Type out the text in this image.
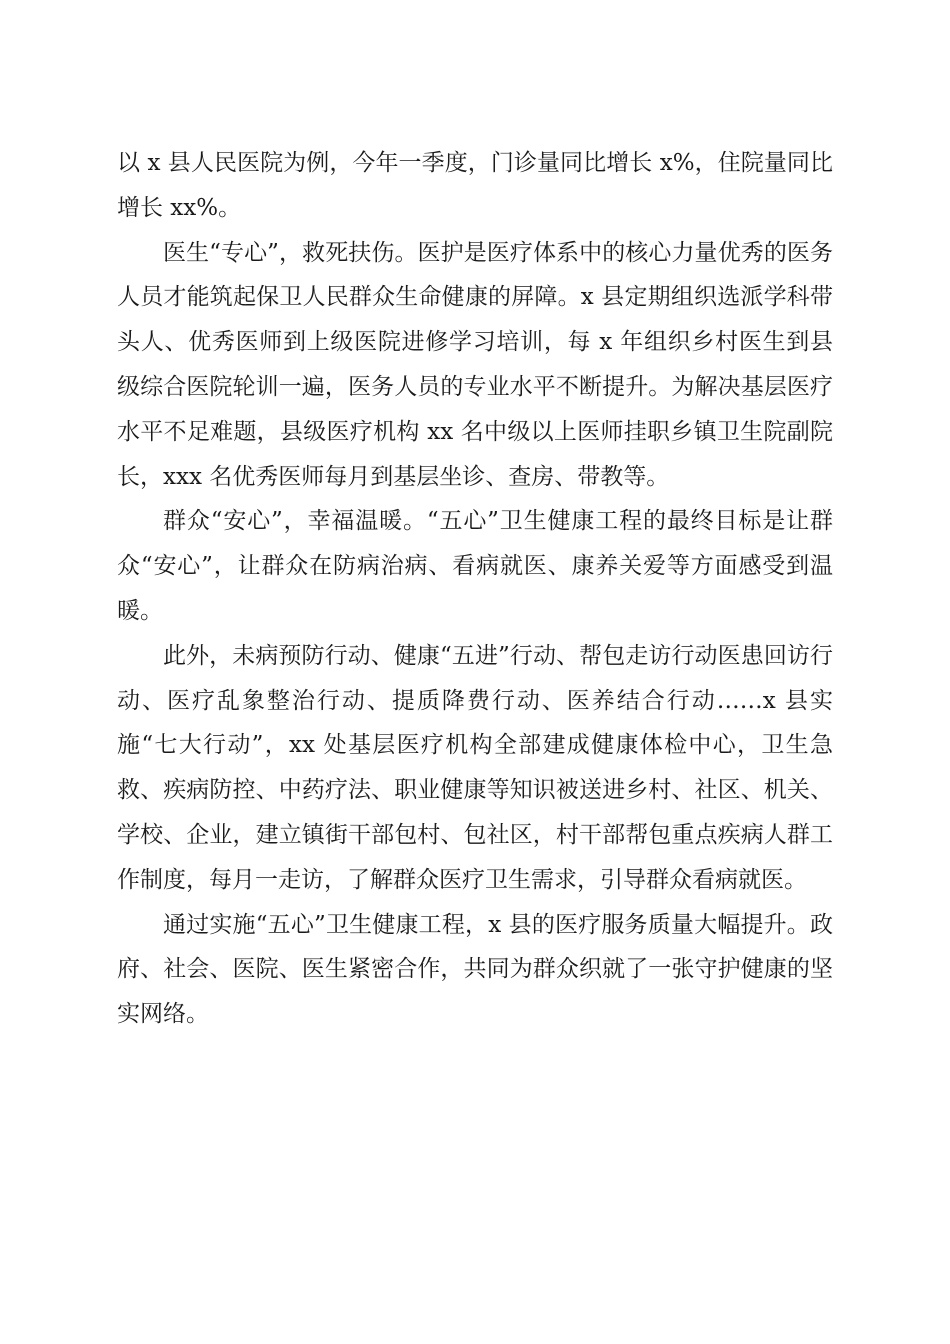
以 x 县人民医院为例，今年一季度，门诊量同比增长 x%，住院量同比增长 xx%。

医生“专心”，救死扶伤。医护是医疗体系中的核心力量优秀的医务人员才能筑起保卫人民群众生命健康的屏障。x 县定期组织选派学科带头人、优秀医师到上级医院进修学习培训，每 x 年组织乡村医生到县级综合医院轮训一遍，医务人员的专业水平不断提升。为解决基层医疗水平不足难题，县级医疗机构 xx 名中级以上医师挂职乡镇卫生院副院长，xxx 名优秀医师每月到基层坐诊、查房、带教等。

群众“安心”，幸福温暖。“五心”卫生健康工程的最终目标是让群众“安心”，让群众在防病治病、看病就医、康养关爱等方面感受到温暖。

此外，未病预防行动、健康“五进”行动、帮包走访行动医患回访行动、医疗乱象整治行动、提质降费行动、医养结合行动……x 县实施“七大行动”，xx 处基层医疗机构全部建成健康体检中心，卫生急救、疾病防控、中药疗法、职业健康等知识被送进乡村、社区、机关、学校、企业，建立镇街干部包村、包社区，村干部帮包重点疾病人群工作制度，每月一走访，了解群众医疗卫生需求，引导群众看病就医。

通过实施“五心”卫生健康工程，x 县的医疗服务质量大幅提升。政府、社会、医院、医生紧密合作，共同为群众织就了一张守护健康的坚实网络。
